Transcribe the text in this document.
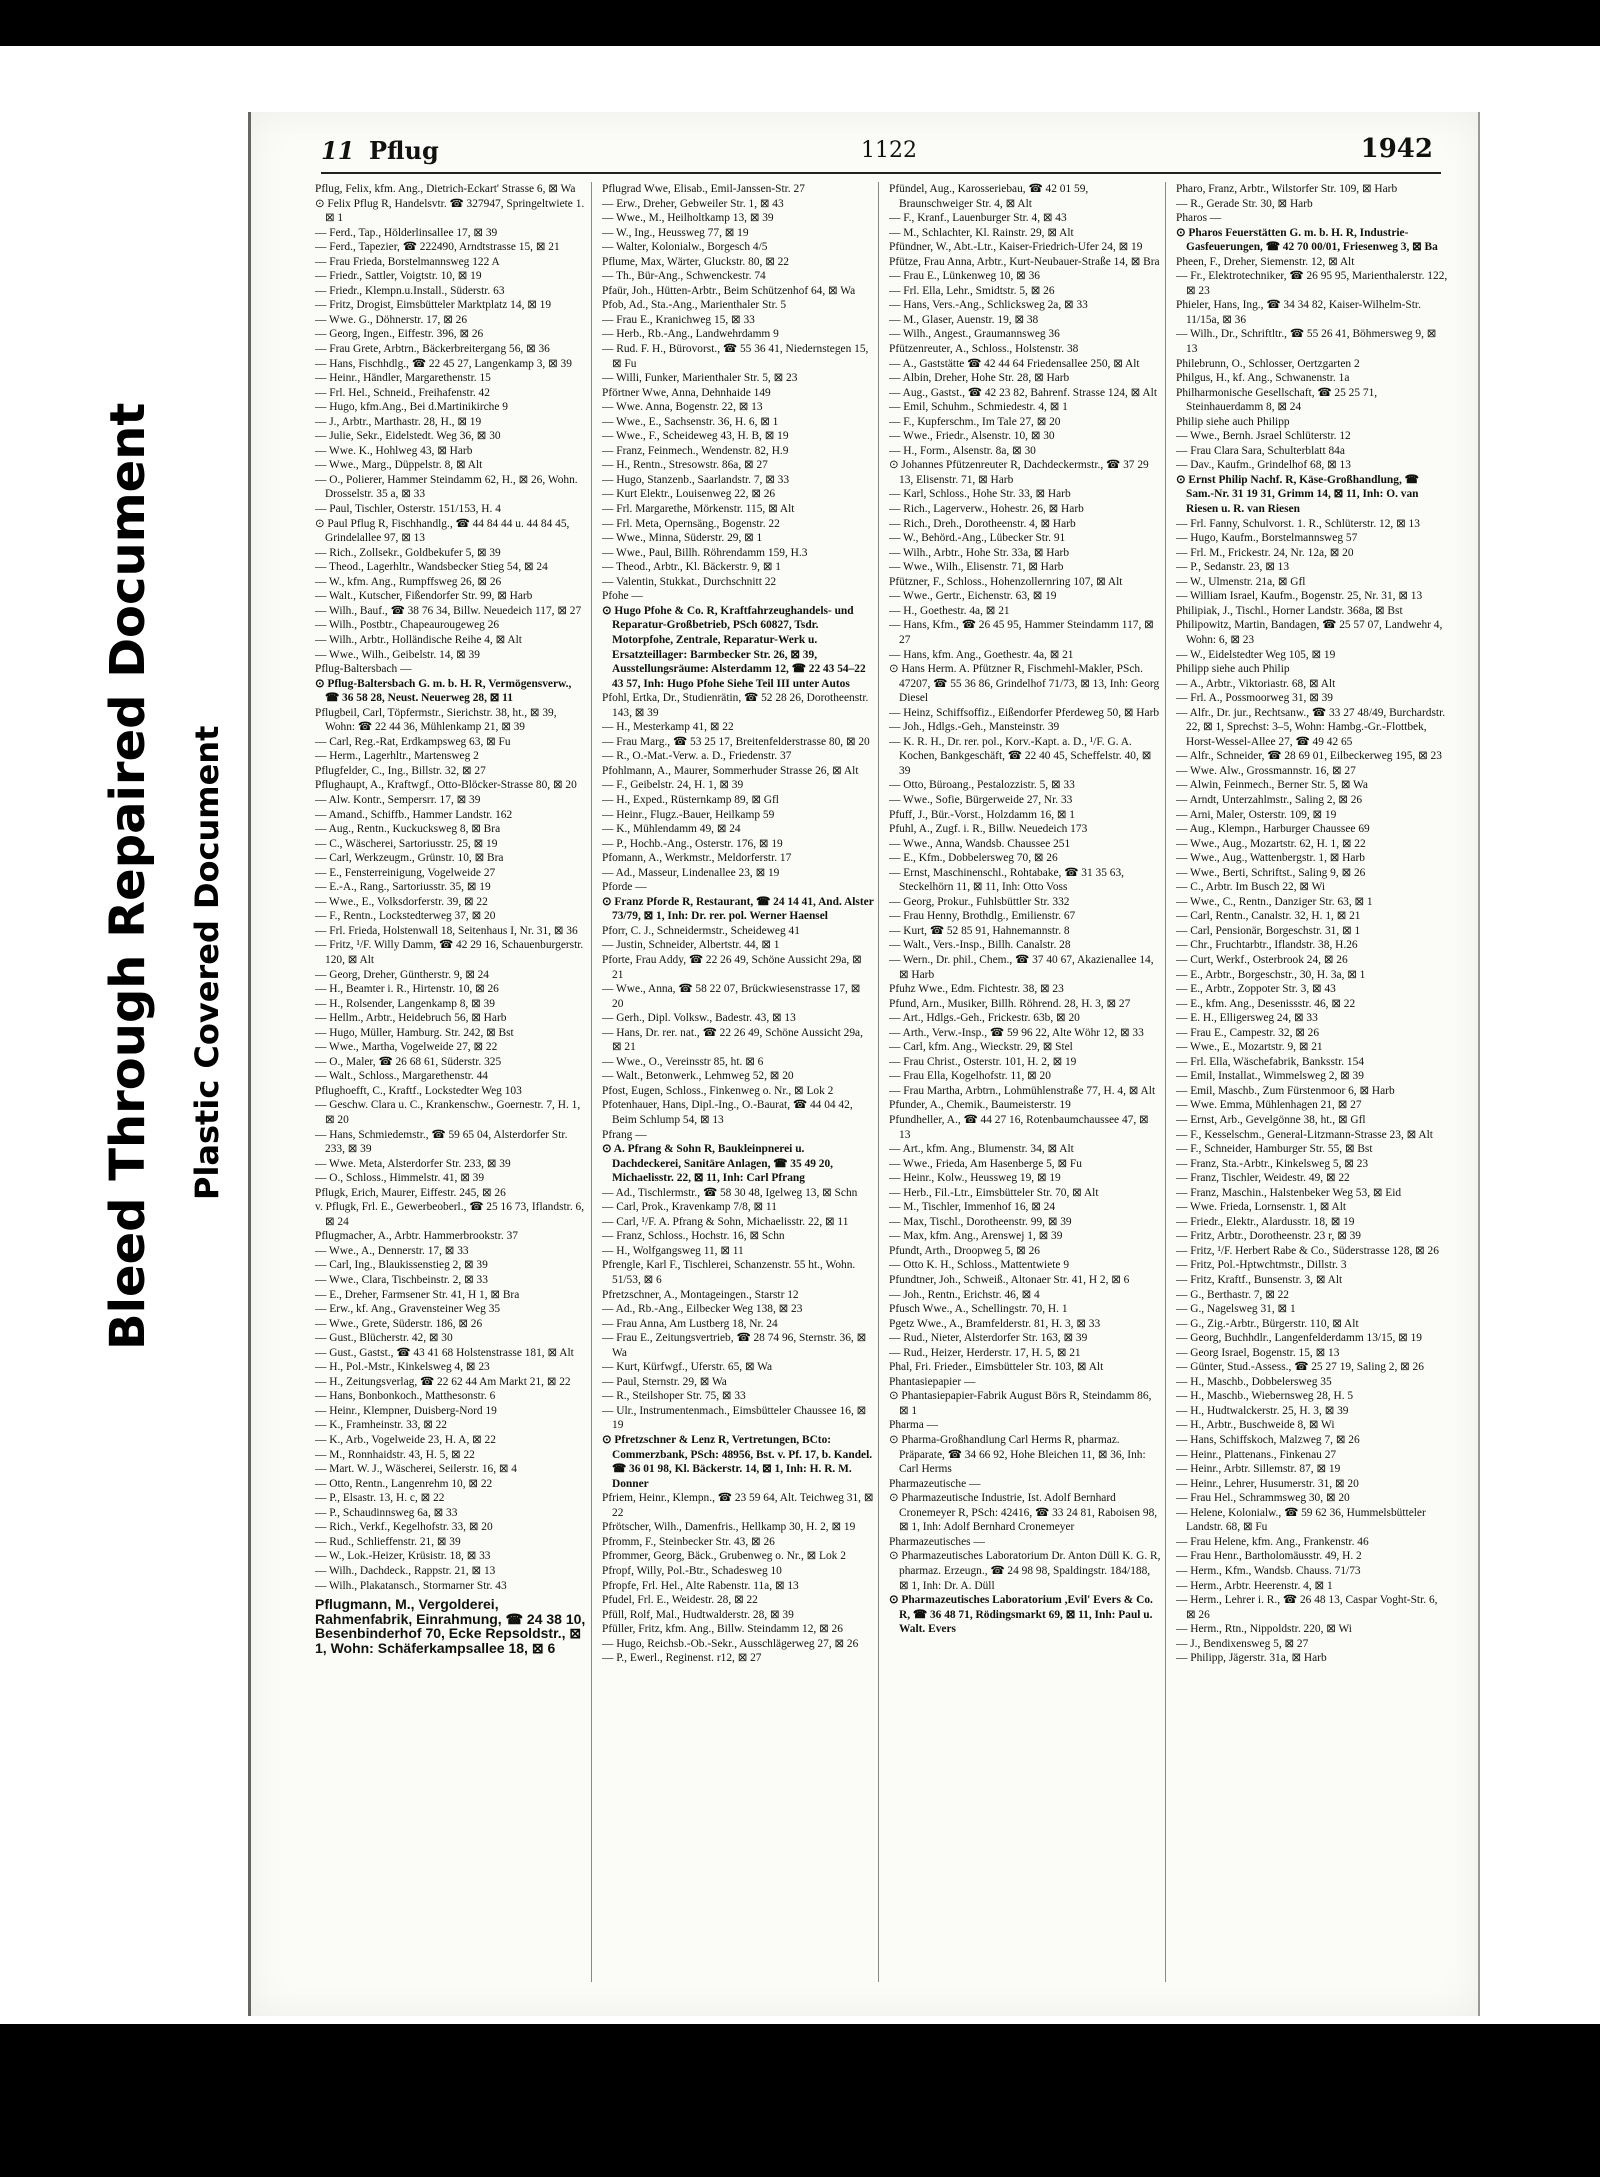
Bleed Through Repaired Document Plastic Covered Document
11 Pflug	1122	1942
Pflug, Felix, kfm. Ang., Dietrich-Eckart' Strasse 6, ⊠ Wa
⊙ Felix Pflug R, Handelsvtr. ☎ 327947, Springeltwiete 1. ⊠ 1
— Ferd., Tap., Hölderlinsallee 17, ⊠ 39
— Ferd., Tapezier, ☎ 222490, Arndtstrasse 15, ⊠ 21
— Frau Frieda, Borstelmannsweg 122 A
— Friedr., Sattler, Voigtstr. 10, ⊠ 19
— Friedr., Klempn.u.Install., Süderstr. 63
— Fritz, Drogist, Eimsbütteler Marktplatz 14, ⊠ 19
— Wwe. G., Döhnerstr. 17, ⊠ 26
— Georg, Ingen., Eiffestr. 396, ⊠ 26
— Frau Grete, Arbtrn., Bäckerbreitergang 56, ⊠ 36
— Hans, Fischhdlg., ☎ 22 45 27, Langenkamp 3, ⊠ 39
— Heinr., Händler, Margarethenstr. 15
— Frl. Hel., Schneid., Freihafenstr. 42
— Hugo, kfm.Ang., Bei d.Martinikirche 9
— J., Arbtr., Marthastr. 28, H., ⊠ 19
— Julie, Sekr., Eidelstedt. Weg 36, ⊠ 30
— Wwe. K., Hohlweg 43, ⊠ Harb
— Wwe., Marg., Düppelstr. 8, ⊠ Alt
— O., Polierer, Hammer Steindamm 62, H., ⊠ 26, Wohn. Drosselstr. 35 a, ⊠ 33
— Paul, Tischler, Osterstr. 151/153, H. 4
⊙ Paul Pflug R, Fischhandlg., ☎ 44 84 44 u. 44 84 45, Grindelallee 97, ⊠ 13
— Rich., Zollsekr., Goldbekufer 5, ⊠ 39
— Theod., Lagerhltr., Wandsbecker Stieg 54, ⊠ 24
— W., kfm. Ang., Rumpffsweg 26, ⊠ 26
— Walt., Kutscher, Fißendorfer Str. 99, ⊠ Harb
— Wilh., Bauf., ☎ 38 76 34, Billw. Neuedeich 117, ⊠ 27
— Wilh., Postbtr., Chapeaurougeweg 26
— Wilh., Arbtr., Holländische Reihe 4, ⊠ Alt
— Wwe., Wilh., Geibelstr. 14, ⊠ 39
Pflug-Baltersbach —
⊙ Pflug-Baltersbach G. m. b. H. R, Vermögensverw., ☎ 36 58 28, Neust. Neuerweg 28, ⊠ 11
Pflugbeil, Carl, Töpfermstr., Sierichstr. 38, ht., ⊠ 39, Wohn: ☎ 22 44 36, Mühlenkamp 21, ⊠ 39
— Carl, Reg.-Rat, Erdkampsweg 63, ⊠ Fu
— Herm., Lagerhltr., Martensweg 2
Pflugfelder, C., Ing., Billstr. 32, ⊠ 27
Pflughaupt, A., Kraftwgf., Otto-Blöcker-Strasse 80, ⊠ 20
— Alw. Kontr., Sempersrr. 17, ⊠ 39
— Amand., Schiffb., Hammer Landstr. 162
— Aug., Rentn., Kuckucksweg 8, ⊠ Bra
— C., Wäscherei, Sartoriusstr. 25, ⊠ 19
— Carl, Werkzeugm., Grünstr. 10, ⊠ Bra
— E., Fensterreinigung, Vogelweide 27
— E.-A., Rang., Sartoriusstr. 35, ⊠ 19
— Wwe., E., Volksdorferstr. 39, ⊠ 22
— F., Rentn., Lockstedterweg 37, ⊠ 20
— Frl. Frieda, Holstenwall 18, Seitenhaus I, Nr. 31, ⊠ 36
— Fritz, ¹/F. Willy Damm, ☎ 42 29 16, Schauenburgerstr. 120, ⊠ Alt
— Georg, Dreher, Güntherstr. 9, ⊠ 24
— H., Beamter i. R., Hirtenstr. 10, ⊠ 26
— H., Rolsender, Langenkamp 8, ⊠ 39
— Hellm., Arbtr., Heidebruch 56, ⊠ Harb
— Hugo, Müller, Hamburg. Str. 242, ⊠ Bst
— Wwe., Martha, Vogelweide 27, ⊠ 22
— O., Maler, ☎ 26 68 61, Süderstr. 325
— Walt., Schloss., Margarethenstr. 44
Pflughoefft, C., Kraftf., Lockstedter Weg 103
— Geschw. Clara u. C., Krankenschw., Goernestr. 7, H. 1, ⊠ 20
— Hans, Schmiedemstr., ☎ 59 65 04, Alsterdorfer Str. 233, ⊠ 39
— Wwe. Meta, Alsterdorfer Str. 233, ⊠ 39
— O., Schloss., Himmelstr. 41, ⊠ 39
Pflugk, Erich, Maurer, Eiffestr. 245, ⊠ 26
v. Pflugk, Frl. E., Gewerbeoberl., ☎ 25 16 73, Iflandstr. 6, ⊠ 24
Pflugmacher, A., Arbtr. Hammerbrookstr. 37
— Wwe., A., Dennerstr. 17, ⊠ 33
— Carl, Ing., Blaukissenstieg 2, ⊠ 39
— Wwe., Clara, Tischbeinstr. 2, ⊠ 33
— E., Dreher, Farmsener Str. 41, H 1, ⊠ Bra
— Erw., kf. Ang., Gravensteiner Weg 35
— Wwe., Grete, Süderstr. 186, ⊠ 26
— Gust., Blücherstr. 42, ⊠ 30
— Gust., Gastst., ☎ 43 41 68 Holstenstrasse 181, ⊠ Alt
— H., Pol.-Mstr., Kinkelsweg 4, ⊠ 23
— H., Zeitungsverlag, ☎ 22 62 44 Am Markt 21, ⊠ 22
— Hans, Bonbonkoch., Matthesonstr. 6
— Heinr., Klempner, Duisberg-Nord 19
— K., Framheinstr. 33, ⊠ 22
— K., Arb., Vogelweide 23, H. A, ⊠ 22
— M., Ronnhaidstr. 43, H. 5, ⊠ 22
— Mart. W. J., Wäscherei, Seilerstr. 16, ⊠ 4
— Otto, Rentn., Langenrehm 10, ⊠ 22
— P., Elsastr. 13, H. c, ⊠ 22
— P., Schaudinnsweg 6a, ⊠ 33
— Rich., Verkf., Kegelhofstr. 33, ⊠ 20
— Rud., Schlieffenstr. 21, ⊠ 39
— W., Lok.-Heizer, Krüsistr. 18, ⊠ 33
— Wilh., Dachdeck., Rappstr. 21, ⊠ 13
— Wilh., Plakatansch., Stormarner Str. 43
Pflugmann, M., Vergolderei, Rahmenfabrik, Einrahmung, ☎ 24 38 10, Besenbinderhof 70, Ecke Repsoldstr., ⊠ 1, Wohn: Schäferkampsallee 18, ⊠ 6
Pflugrad Wwe, Elisab., Emil-Janssen-Str. 27
— Erw., Dreher, Gebweiler Str. 1, ⊠ 43
— Wwe., M., Heilholtkamp 13, ⊠ 39
— W., Ing., Heussweg 77, ⊠ 19
— Walter, Kolonialw., Borgesch 4/5
Pflume, Max, Wärter, Gluckstr. 80, ⊠ 22
— Th., Bür-Ang., Schwenckestr. 74
Pfaür, Joh., Hütten-Arbtr., Beim Schützenhof 64, ⊠ Wa
Pfob, Ad., Sta.-Ang., Marienthaler Str. 5
— Frau E., Kranichweg 15, ⊠ 33
— Herb., Rb.-Ang., Landwehrdamm 9
— Rud. F. H., Bürovorst., ☎ 55 36 41, Niedernstegen 15, ⊠ Fu
— Willi, Funker, Marienthaler Str. 5, ⊠ 23
Pförtner Wwe, Anna, Dehnhaide 149
— Wwe. Anna, Bogenstr. 22, ⊠ 13
— Wwe., E., Sachsenstr. 36, H. 6, ⊠ 1
— Wwe., F., Scheideweg 43, H. B, ⊠ 19
— Franz, Feinmech., Wendenstr. 82, H.9
— H., Rentn., Stresowstr. 86a, ⊠ 27
— Hugo, Stanzenb., Saarlandstr. 7, ⊠ 33
— Kurt Elektr., Louisenweg 22, ⊠ 26
— Frl. Margarethe, Mörkenstr. 115, ⊠ Alt
— Frl. Meta, Opernsäng., Bogenstr. 22
— Wwe., Minna, Süderstr. 29, ⊠ 1
— Wwe., Paul, Billh. Röhrendamm 159, H.3
— Theod., Arbtr., Kl. Bäckerstr. 9, ⊠ 1
— Valentin, Stukkat., Durchschnitt 22
Pfohe —
⊙ Hugo Pfohe & Co. R, Kraftfahrzeughandels- und Reparatur-Großbetrieb, PSch 60827, Tsdr. Motorpfohe, Zentrale, Reparatur-Werk u. Ersatzteillager: Barmbecker Str. 26, ⊠ 39, Ausstellungsräume: Alsterdamm 12, ☎ 22 43 54–22 43 57, Inh: Hugo Pfohe Siehe Teil III unter Autos
Pfohl, Ertka, Dr., Studienrätin, ☎ 52 28 26, Dorotheenstr. 143, ⊠ 39
— H., Mesterkamp 41, ⊠ 22
— Frau Marg., ☎ 53 25 17, Breitenfelderstrasse 80, ⊠ 20
— R., O.-Mat.-Verw. a. D., Friedenstr. 37
Pfohlmann, A., Maurer, Sommerhuder Strasse 26, ⊠ Alt
— F., Geibelstr. 24, H. 1, ⊠ 39
— H., Exped., Rüsternkamp 89, ⊠ Gfl
— Heinr., Flugz.-Bauer, Heilkamp 59
— K., Mühlendamm 49, ⊠ 24
— P., Hochb.-Ang., Osterstr. 176, ⊠ 19
Pfomann, A., Werkmstr., Meldorferstr. 17
— Ad., Masseur, Lindenallee 23, ⊠ 19
Pforde —
⊙ Franz Pforde R, Restaurant, ☎ 24 14 41, And. Alster 73/79, ⊠ 1, Inh: Dr. rer. pol. Werner Haensel
Pforr, C. J., Schneidermstr., Scheideweg 41
— Justin, Schneider, Albertstr. 44, ⊠ 1
Pforte, Frau Addy, ☎ 22 26 49, Schöne Aussicht 29a, ⊠ 21
— Wwe., Anna, ☎ 58 22 07, Brückwiesenstrasse 17, ⊠ 20
— Gerh., Dipl. Volksw., Badestr. 43, ⊠ 13
— Hans, Dr. rer. nat., ☎ 22 26 49, Schöne Aussicht 29a, ⊠ 21
— Wwe., O., Vereinsstr 85, ht. ⊠ 6
— Walt., Betonwerk., Lehmweg 52, ⊠ 20
Pfost, Eugen, Schloss., Finkenweg o. Nr., ⊠ Lok 2
Pfotenhauer, Hans, Dipl.-Ing., O.-Baurat, ☎ 44 04 42, Beim Schlump 54, ⊠ 13
Pfrang —
⊙ A. Pfrang & Sohn R, Baukleinpnerei u. Dachdeckerei, Sanitäre Anlagen, ☎ 35 49 20, Michaelisstr. 22, ⊠ 11, Inh: Carl Pfrang
— Ad., Tischlermstr., ☎ 58 30 48, Igelweg 13, ⊠ Schn
— Carl, Prok., Kravenkamp 7/8, ⊠ 11
— Carl, ¹/F. A. Pfrang & Sohn, Michaelisstr. 22, ⊠ 11
— Franz, Schloss., Hochstr. 16, ⊠ Schn
— H., Wolfgangsweg 11, ⊠ 11
Pfrengle, Karl F., Tischlerei, Schanzenstr. 55 ht., Wohn. 51/53, ⊠ 6
Pfretzschner, A., Montageingen., Starstr 12
— Ad., Rb.-Ang., Eilbecker Weg 138, ⊠ 23
— Frau Anna, Am Lustberg 18, Nr. 24
— Frau E., Zeitungsvertrieb, ☎ 28 74 96, Sternstr. 36, ⊠ Wa
— Kurt, Kürfwgf., Uferstr. 65, ⊠ Wa
— Paul, Sternstr. 29, ⊠ Wa
— R., Steilshoper Str. 75, ⊠ 33
— Ulr., Instrumentenmach., Eimsbütteler Chaussee 16, ⊠ 19
⊙ Pfretzschner & Lenz R, Vertretungen, BCto: Commerzbank, PSch: 48956, Bst. v. Pf. 17, b. Kandel. ☎ 36 01 98, Kl. Bäckerstr. 14, ⊠ 1, Inh: H. R. M. Donner
Pfriem, Heinr., Klempn., ☎ 23 59 64, Alt. Teichweg 31, ⊠ 22
Pfrötscher, Wilh., Damenfris., Hellkamp 30, H. 2, ⊠ 19
Pfromm, F., Steinbecker Str. 43, ⊠ 26
Pfrommer, Georg, Bäck., Grubenweg o. Nr., ⊠ Lok 2
Pfropf, Willy, Pol.-Btr., Schadesweg 10
Pfropfe, Frl. Hel., Alte Rabenstr. 11a, ⊠ 13
Pfudel, Frl. E., Weidestr. 28, ⊠ 22
Pfüll, Rolf, Mal., Hudtwalderstr. 28, ⊠ 39
Pfüller, Fritz, kfm. Ang., Billw. Steindamm 12, ⊠ 26
— Hugo, Reichsb.-Ob.-Sekr., Ausschlägerweg 27, ⊠ 26
— P., Ewerl., Reginenst. r12, ⊠ 27
Pfündel, Aug., Karosseriebau, ☎ 42 01 59, Braunschweiger Str. 4, ⊠ Alt
— F., Kranf., Lauenburger Str. 4, ⊠ 43
— M., Schlachter, Kl. Rainstr. 29, ⊠ Alt
Pfündner, W., Abt.-Ltr., Kaiser-Friedrich-Ufer 24, ⊠ 19
Pfütze, Frau Anna, Arbtr., Kurt-Neubauer-Straße 14, ⊠ Bra
— Frau E., Lünkenweg 10, ⊠ 36
— Frl. Ella, Lehr., Smidtstr. 5, ⊠ 26
— Hans, Vers.-Ang., Schlicksweg 2a, ⊠ 33
— M., Glaser, Auenstr. 19, ⊠ 38
— Wilh., Angest., Graumannsweg 36
Pfützenreuter, A., Schloss., Holstenstr. 38
— A., Gaststätte ☎ 42 44 64 Friedensallee 250, ⊠ Alt
— Albin, Dreher, Hohe Str. 28, ⊠ Harb
— Aug., Gastst., ☎ 42 23 82, Bahrenf. Strasse 124, ⊠ Alt
— Emil, Schuhm., Schmiedestr. 4, ⊠ 1
— F., Kupferschm., Im Tale 27, ⊠ 20
— Wwe., Friedr., Alsenstr. 10, ⊠ 30
— H., Form., Alsenstr. 8a, ⊠ 30
⊙ Johannes Pfützenreuter R, Dachdeckermstr., ☎ 37 29 13, Elisenstr. 71, ⊠ Harb
— Karl, Schloss., Hohe Str. 33, ⊠ Harb
— Rich., Lagerverw., Hohestr. 26, ⊠ Harb
— Rich., Dreh., Dorotheenstr. 4, ⊠ Harb
— W., Behörd.-Ang., Lübecker Str. 91
— Wilh., Arbtr., Hohe Str. 33a, ⊠ Harb
— Wwe., Wilh., Elisenstr. 71, ⊠ Harb
Pfützner, F., Schloss., Hohenzollernring 107, ⊠ Alt
— Wwe., Gertr., Eichenstr. 63, ⊠ 19
— H., Goethestr. 4a, ⊠ 21
— Hans, Kfm., ☎ 26 45 95, Hammer Steindamm 117, ⊠ 27
— Hans, kfm. Ang., Goethestr. 4a, ⊠ 21
⊙ Hans Herm. A. Pfützner R, Fischmehl-Makler, PSch. 47207, ☎ 55 36 86, Grindelhof 71/73, ⊠ 13, Inh: Georg Diesel
— Heinz, Schiffsoffiz., Eißendorfer Pferdeweg 50, ⊠ Harb
— Joh., Hdlgs.-Geh., Mansteinstr. 39
— K. R. H., Dr. rer. pol., Korv.-Kapt. a. D., ¹/F. G. A. Kochen, Bankgeschäft, ☎ 22 40 45, Scheffelstr. 40, ⊠ 39
— Otto, Büroang., Pestalozzistr. 5, ⊠ 33
— Wwe., Sofie, Bürgerweide 27, Nr. 33
Pfuff, J., Bür.-Vorst., Holzdamm 16, ⊠ 1
Pfuhl, A., Zugf. i. R., Billw. Neuedeich 173
— Wwe., Anna, Wandsb. Chaussee 251
— E., Kfm., Dobbelersweg 70, ⊠ 26
— Ernst, Maschinenschl., Rohtabake, ☎ 31 35 63, Steckelhörn 11, ⊠ 11, Inh: Otto Voss
— Georg, Prokur., Fuhlsbüttler Str. 332
— Frau Henny, Brothdlg., Emilienstr. 67
— Kurt, ☎ 52 85 91, Hahnemannstr. 8
— Walt., Vers.-Insp., Billh. Canalstr. 28
— Wern., Dr. phil., Chem., ☎ 37 40 67, Akazienallee 14, ⊠ Harb
Pfuhz Wwe., Edm. Fichtestr. 38, ⊠ 23
Pfund, Arn., Musiker, Billh. Röhrend. 28, H. 3, ⊠ 27
— Art., Hdlgs.-Geh., Frickestr. 63b, ⊠ 20
— Arth., Verw.-Insp., ☎ 59 96 22, Alte Wöhr 12, ⊠ 33
— Carl, kfm. Ang., Wieckstr. 29, ⊠ Stel
— Frau Christ., Osterstr. 101, H. 2, ⊠ 19
— Frau Ella, Kogelhofstr. 11, ⊠ 20
— Frau Martha, Arbtrn., Lohmühlenstraße 77, H. 4, ⊠ Alt
Pfunder, A., Chemik., Baumeisterstr. 19
Pfundheller, A., ☎ 44 27 16, Rotenbaumchaussee 47, ⊠ 13
— Art., kfm. Ang., Blumenstr. 34, ⊠ Alt
— Wwe., Frieda, Am Hasenberge 5, ⊠ Fu
— Heinr., Kolw., Heussweg 19, ⊠ 19
— Herb., Fil.-Ltr., Eimsbütteler Str. 70, ⊠ Alt
— M., Tischler, Immenhof 16, ⊠ 24
— Max, Tischl., Dorotheenstr. 99, ⊠ 39
— Max, kfm. Ang., Arenswej 1, ⊠ 39
Pfundt, Arth., Droopweg 5, ⊠ 26
— Otto K. H., Schloss., Mattentwiete 9
Pfundtner, Joh., Schweiß., Altonaer Str. 41, H 2, ⊠ 6
— Joh., Rentn., Erichstr. 46, ⊠ 4
Pfusch Wwe., A., Schellingstr. 70, H. 1
Pgetz Wwe., A., Bramfelderstr. 81, H. 3, ⊠ 33
— Rud., Nieter, Alsterdorfer Str. 163, ⊠ 39
— Rud., Heizer, Herderstr. 17, H. 5, ⊠ 21
Phal, Fri. Frieder., Eimsbütteler Str. 103, ⊠ Alt
Phantasiepapier —
⊙ Phantasiepapier-Fabrik August Börs R, Steindamm 86, ⊠ 1
Pharma —
⊙ Pharma-Großhandlung Carl Herms R, pharmaz. Präparate, ☎ 34 66 92, Hohe Bleichen 11, ⊠ 36, Inh: Carl Herms
Pharmazeutische —
⊙ Pharmazeutische Industrie, Ist. Adolf Bernhard Cronemeyer R, PSch: 42416, ☎ 33 24 81, Raboisen 98, ⊠ 1, Inh: Adolf Bernhard Cronemeyer
Pharmazeutisches —
⊙ Pharmazeutisches Laboratorium Dr. Anton Düll K. G. R, pharmaz. Erzeugn., ☎ 24 98 98, Spaldingstr. 184/188, ⊠ 1, Inh: Dr. A. Düll
⊙ Pharmazeutisches Laboratorium ,Evil' Evers & Co. R, ☎ 36 48 71, Rödingsmarkt 69, ⊠ 11, Inh: Paul u. Walt. Evers
Pharo, Franz, Arbtr., Wilstorfer Str. 109, ⊠ Harb
— R., Gerade Str. 30, ⊠ Harb
Pharos —
⊙ Pharos Feuerstätten G. m. b. H. R, Industrie-Gasfeuerungen, ☎ 42 70 00/01, Friesenweg 3, ⊠ Ba
Pheen, F., Dreher, Siemenstr. 12, ⊠ Alt
— Fr., Elektrotechniker, ☎ 26 95 95, Marienthalerstr. 122, ⊠ 23
Phieler, Hans, Ing., ☎ 34 34 82, Kaiser-Wilhelm-Str. 11/15a, ⊠ 36
— Wilh., Dr., Schriftltr., ☎ 55 26 41, Böhmersweg 9, ⊠ 13
Philebrunn, O., Schlosser, Oertzgarten 2
Philgus, H., kf. Ang., Schwanenstr. 1a
Philharmonische Gesellschaft, ☎ 25 25 71, Steinhauerdamm 8, ⊠ 24
Philip siehe auch Philipp
— Wwe., Bernh. Jsrael Schlüterstr. 12
— Frau Clara Sara, Schulterblatt 84a
— Dav., Kaufm., Grindelhof 68, ⊠ 13
⊙ Ernst Philip Nachf. R, Käse-Großhandlung, ☎ Sam.-Nr. 31 19 31, Grimm 14, ⊠ 11, Inh: O. van Riesen u. R. van Riesen
— Frl. Fanny, Schulvorst. 1. R., Schlüterstr. 12, ⊠ 13
— Hugo, Kaufm., Borstelmannsweg 57
— Frl. M., Frickestr. 24, Nr. 12a, ⊠ 20
— P., Sedanstr. 23, ⊠ 13
— W., Ulmenstr. 21a, ⊠ Gfl
— William Israel, Kaufm., Bogenstr. 25, Nr. 31, ⊠ 13
Philipiak, J., Tischl., Horner Landstr. 368a, ⊠ Bst
Philipowitz, Martin, Bandagen, ☎ 25 57 07, Landwehr 4, Wohn: 6, ⊠ 23
— W., Eidelstedter Weg 105, ⊠ 19
Philipp siehe auch Philip
— A., Arbtr., Viktoriastr. 68, ⊠ Alt
— Frl. A., Possmoorweg 31, ⊠ 39
— Alfr., Dr. jur., Rechtsanw., ☎ 33 27 48/49, Burchardstr. 22, ⊠ 1, Sprechst: 3–5, Wohn: Hambg.-Gr.-Flottbek, Horst-Wessel-Allee 27, ☎ 49 42 65
— Alfr., Schneider, ☎ 28 69 01, Eilbeckerweg 195, ⊠ 23
— Wwe. Alw., Grossmannstr. 16, ⊠ 27
— Alwin, Feinmech., Berner Str. 5, ⊠ Wa
— Arndt, Unterzahlmstr., Saling 2, ⊠ 26
— Arni, Maler, Osterstr. 109, ⊠ 19
— Aug., Klempn., Harburger Chaussee 69
— Wwe., Aug., Mozartstr. 62, H. 1, ⊠ 22
— Wwe., Aug., Wattenbergstr. 1, ⊠ Harb
— Wwe., Berti, Schriftst., Saling 9, ⊠ 26
— C., Arbtr. Im Busch 22, ⊠ Wi
— Wwe., C., Rentn., Danziger Str. 63, ⊠ 1
— Carl, Rentn., Canalstr. 32, H. 1, ⊠ 21
— Carl, Pensionär, Borgeschstr. 31, ⊠ 1
— Chr., Fruchtarbtr., Iflandstr. 38, H.26
— Curt, Werkf., Osterbrook 24, ⊠ 26
— E., Arbtr., Borgeschstr., 30, H. 3a, ⊠ 1
— E., Arbtr., Zoppoter Str. 3, ⊠ 43
— E., kfm. Ang., Desenissstr. 46, ⊠ 22
— E. H., Elligersweg 24, ⊠ 33
— Frau E., Campestr. 32, ⊠ 26
— Wwe., E., Mozartstr. 9, ⊠ 21
— Frl. Ella, Wäschefabrik, Banksstr. 154
— Emil, Installat., Wimmelsweg 2, ⊠ 39
— Emil, Maschb., Zum Fürstenmoor 6, ⊠ Harb
— Wwe. Emma, Mühlenhagen 21, ⊠ 27
— Ernst, Arb., Gevelgönne 38, ht., ⊠ Gfl
— F., Kesselschm., General-Litzmann-Strasse 23, ⊠ Alt
— F., Schneider, Hamburger Str. 55, ⊠ Bst
— Franz, Sta.-Arbtr., Kinkelsweg 5, ⊠ 23
— Franz, Tischler, Weidestr. 49, ⊠ 22
— Franz, Maschin., Halstenbeker Weg 53, ⊠ Eid
— Wwe. Frieda, Lornsenstr. 1, ⊠ Alt
— Friedr., Elektr., Alardusstr. 18, ⊠ 19
— Fritz, Arbtr., Dorotheenstr. 23 r, ⊠ 39
— Fritz, ¹/F. Herbert Rabe & Co., Süderstrasse 128, ⊠ 26
— Fritz, Pol.-Hptwchtmstr., Dillstr. 3
— Fritz, Kraftf., Bunsenstr. 3, ⊠ Alt
— G., Berthastr. 7, ⊠ 22
— G., Nagelsweg 31, ⊠ 1
— G., Zig.-Arbtr., Bürgerstr. 110, ⊠ Alt
— Georg, Buchhdlr., Langenfelderdamm 13/15, ⊠ 19
— Georg Israel, Bogenstr. 15, ⊠ 13
— Günter, Stud.-Assess., ☎ 25 27 19, Saling 2, ⊠ 26
— H., Maschb., Dobbelersweg 35
— H., Maschb., Wiebernsweg 28, H. 5
— H., Hudtwalckerstr. 25, H. 3, ⊠ 39
— H., Arbtr., Buschweide 8, ⊠ Wi
— Hans, Schiffskoch, Malzweg 7, ⊠ 26
— Heinr., Plattenans., Finkenau 27
— Heinr., Arbtr. Sillemstr. 87, ⊠ 19
— Heinr., Lehrer, Husumerstr. 31, ⊠ 20
— Frau Hel., Schrammsweg 30, ⊠ 20
— Helene, Kolonialw., ☎ 59 62 36, Hummelsbütteler Landstr. 68, ⊠ Fu
— Frau Helene, kfm. Ang., Frankenstr. 46
— Frau Henr., Bartholomäusstr. 49, H. 2
— Herm., Kfm., Wandsb. Chauss. 71/73
— Herm., Arbtr. Heerenstr. 4, ⊠ 1
— Herm., Lehrer i. R., ☎ 26 48 13, Caspar Voght-Str. 6, ⊠ 26
— Herm., Rtn., Nippoldstr. 220, ⊠ Wi
— J., Bendixensweg 5, ⊠ 27
— Philipp, Jägerstr. 31a, ⊠ Harb
